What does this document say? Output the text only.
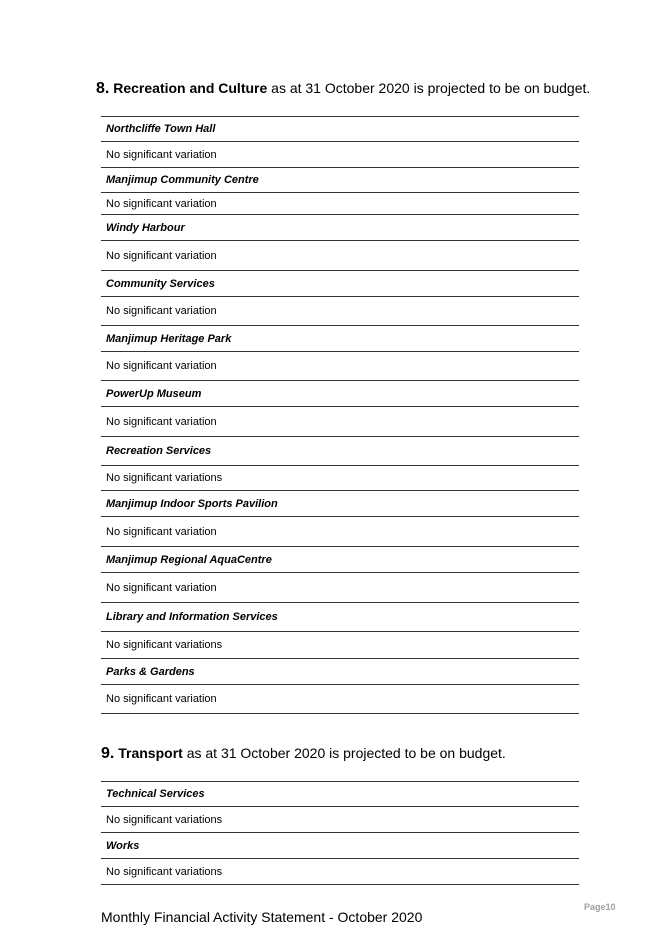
8. Recreation and Culture as at 31 October 2020 is projected to be on budget.
Northcliffe Town Hall
No significant variation
Manjimup Community Centre
No significant variation
Windy Harbour
No significant variation
Community Services
No significant variation
Manjimup Heritage Park
No significant variation
PowerUp Museum
No significant variation
Recreation Services
No significant variations
Manjimup Indoor Sports Pavilion
No significant variation
Manjimup Regional AquaCentre
No significant variation
Library and Information Services
No significant variations
Parks & Gardens
No significant variation
9. Transport as at 31 October 2020 is projected to be on budget.
Technical Services
No significant variations
Works
No significant variations
Monthly Financial Activity Statement - October 2020
Page10
